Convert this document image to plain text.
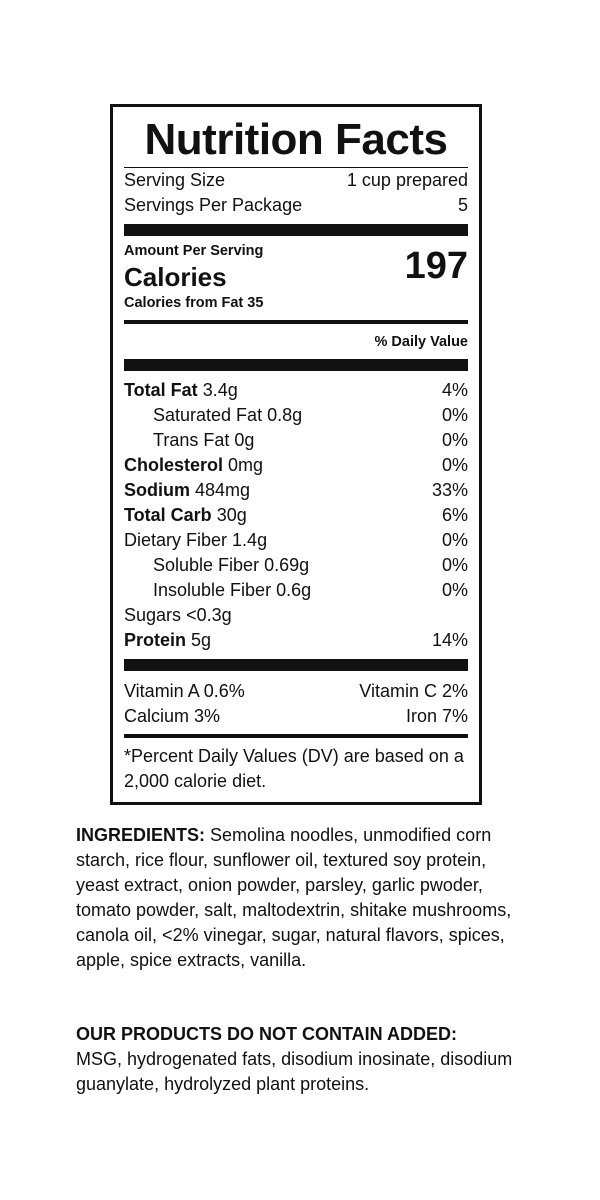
Nutrition Facts
Serving Size	1 cup prepared
Servings Per Package	5
Amount Per Serving
Calories
Calories from Fat 35
197
% Daily Value
Total Fat 3.4g	4%
Saturated Fat 0.8g	0%
Trans Fat 0g	0%
Cholesterol 0mg	0%
Sodium 484mg	33%
Total Carb 30g	6%
Dietary Fiber 1.4g	0%
Soluble Fiber 0.69g	0%
Insoluble Fiber 0.6g	0%
Sugars <0.3g
Protein 5g	14%
Vitamin A 0.6%	Vitamin C 2%
Calcium 3%	Iron 7%
*Percent Daily Values (DV) are based on a 2,000 calorie diet.
INGREDIENTS: Semolina noodles, unmodified corn starch, rice flour, sunflower oil, textured soy protein, yeast extract, onion powder, parsley, garlic pwoder, tomato powder, salt, maltodextrin, shitake mushrooms, canola oil, <2% vinegar, sugar, natural flavors, spices, apple, spice extracts, vanilla.
OUR PRODUCTS DO NOT CONTAIN ADDED:
MSG, hydrogenated fats, disodium inosinate, disodium guanylate, hydrolyzed plant proteins.
